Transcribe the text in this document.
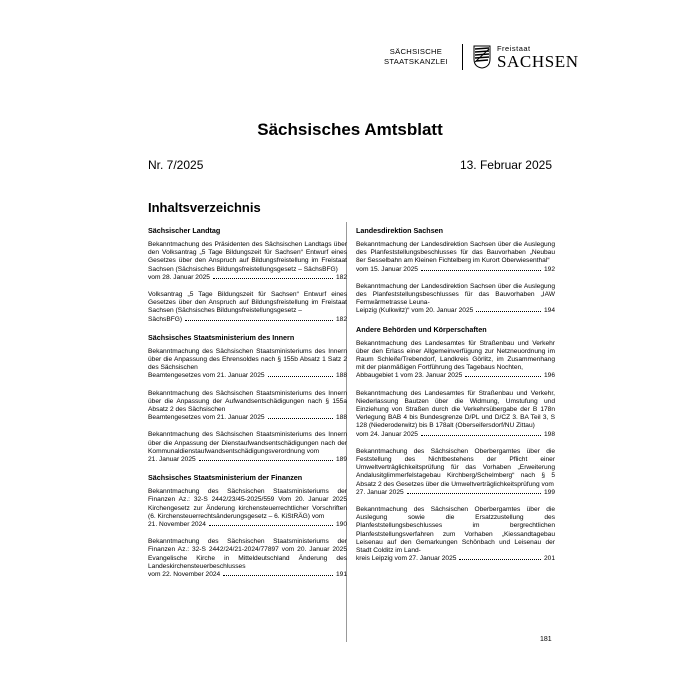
SÄCHSISCHE
STAATSKANZLEI
Freistaat
SACHSEN
Sächsisches Amtsblatt
Nr. 7/2025	13. Februar 2025
Inhaltsverzeichnis
Sächsischer Landtag
Bekanntmachung des Präsidenten des Sächsischen Landtags über den Volksantrag „5 Tage Bildungszeit für Sachsen“ Entwurf eines Gesetzes über den Anspruch auf Bildungsfreistellung im Freistaat Sachsen (Sächsisches Bildungsfreistellungsgesetz – SächsBFG)
vom 28. Januar 2025	182
Volksantrag „5 Tage Bildungszeit für Sachsen“ Entwurf eines Gesetzes über den Anspruch auf Bildungsfreistellung im Freistaat Sachsen (Sächsisches Bildungsfreistellungsgesetz –
SächsBFG)	182
Sächsisches Staatsministerium des Innern
Bekanntmachung des Sächsischen Staatsministeriums des Innern über die Anpassung des Ehrensoldes nach § 155b Absatz 1 Satz 2 des Sächsischen
Beamtengesetzes vom 21. Januar 2025	188
Bekanntmachung des Sächsischen Staatsministeriums des Innern über die Anpassung der Aufwandsentschädigungen nach § 155a Absatz 2 des Sächsischen
Beamtengesetzes vom 21. Januar 2025	188
Bekanntmachung des Sächsischen Staatsministeriums des Innern über die Anpassung der Dienstaufwandsentschädigungen nach der Kommunaldienstaufwandsentschädigungsverordnung vom
21. Januar 2025	189
Sächsisches Staatsministerium der Finanzen
Bekanntmachung des Sächsischen Staatsministeriums der Finanzen Az.: 32-S 2442/23/45-2025/559 Vom 20. Januar 2025 Kirchengesetz zur Änderung kirchensteuerrechtlicher Vorschriften (6. Kirchensteuerrechtsänderungsgesetz – 6. KiStRÄG) vom
21. November 2024	190
Bekanntmachung des Sächsischen Staatsministeriums der Finanzen Az.: 32-S 2442/24/21-2024/77897 vom 20. Januar 2025 Evangelische Kirche in Mitteldeutschland Änderung des Landeskirchensteuerbeschlusses
vom 22. November 2024	191
Landesdirektion Sachsen
Bekanntmachung der Landesdirektion Sachsen über die Auslegung des Planfeststellungsbeschlusses für das Bauvorhaben „Neubau 8er Sesselbahn am Kleinen Fichtelberg im Kurort Oberwiesenthal“
vom 15. Januar 2025	192
Bekanntmachung der Landesdirektion Sachsen über die Auslegung des Planfeststellungsbeschlusses für das Bauvorhaben „IAW Fernwärmetrasse Leuna-
Leipzig (Kulkwitz)“ vom 20. Januar 2025	194
Andere Behörden und Körperschaften
Bekanntmachung des Landesamtes für Straßenbau und Verkehr über den Erlass einer Allgemeinverfügung zur Netzneuordnung im Raum Schleife/Trebendorf, Landkreis Görlitz, im Zusammenhang mit der planmäßigen Fortführung des Tagebaus Nochten,
Abbaugebiet 1 vom 23. Januar 2025	196
Bekanntmachung des Landesamtes für Straßenbau und Verkehr, Niederlassung Bautzen über die Widmung, Umstufung und Einziehung von Straßen durch die Verkehrsübergabe der B 178n Verlegung BAB 4 bis Bundesgrenze D/PL und D/CZ 3. BA Teil 3, S 128 (Niederoderwitz) bis B 178alt (Oberseifersdorf/NU Zittau)
vom 24. Januar 2025	198
Bekanntmachung des Sächsischen Oberbergamtes über die Feststellung des Nichtbestehens der Pflicht einer Umweltverträglichkeitsprüfung für das Vorhaben „Erweiterung Andalusitglimmerfelstagebau Kirchberg/Schelmberg“ nach § 5 Absatz 2 des Gesetzes über die Umweltverträglichkeitsprüfung vom
27. Januar 2025	199
Bekanntmachung des Sächsischen Oberbergamtes über die Auslegung sowie die Ersatzzustellung des Planfeststellungsbeschlusses im bergrechtlichen Planfeststellungsverfahren zum Vorhaben „Kiessandtagebau Leisenau auf den Gemarkungen Schönbach und Leisenau der Stadt Colditz im Land-
kreis Leipzig vom 27. Januar 2025	201
181
